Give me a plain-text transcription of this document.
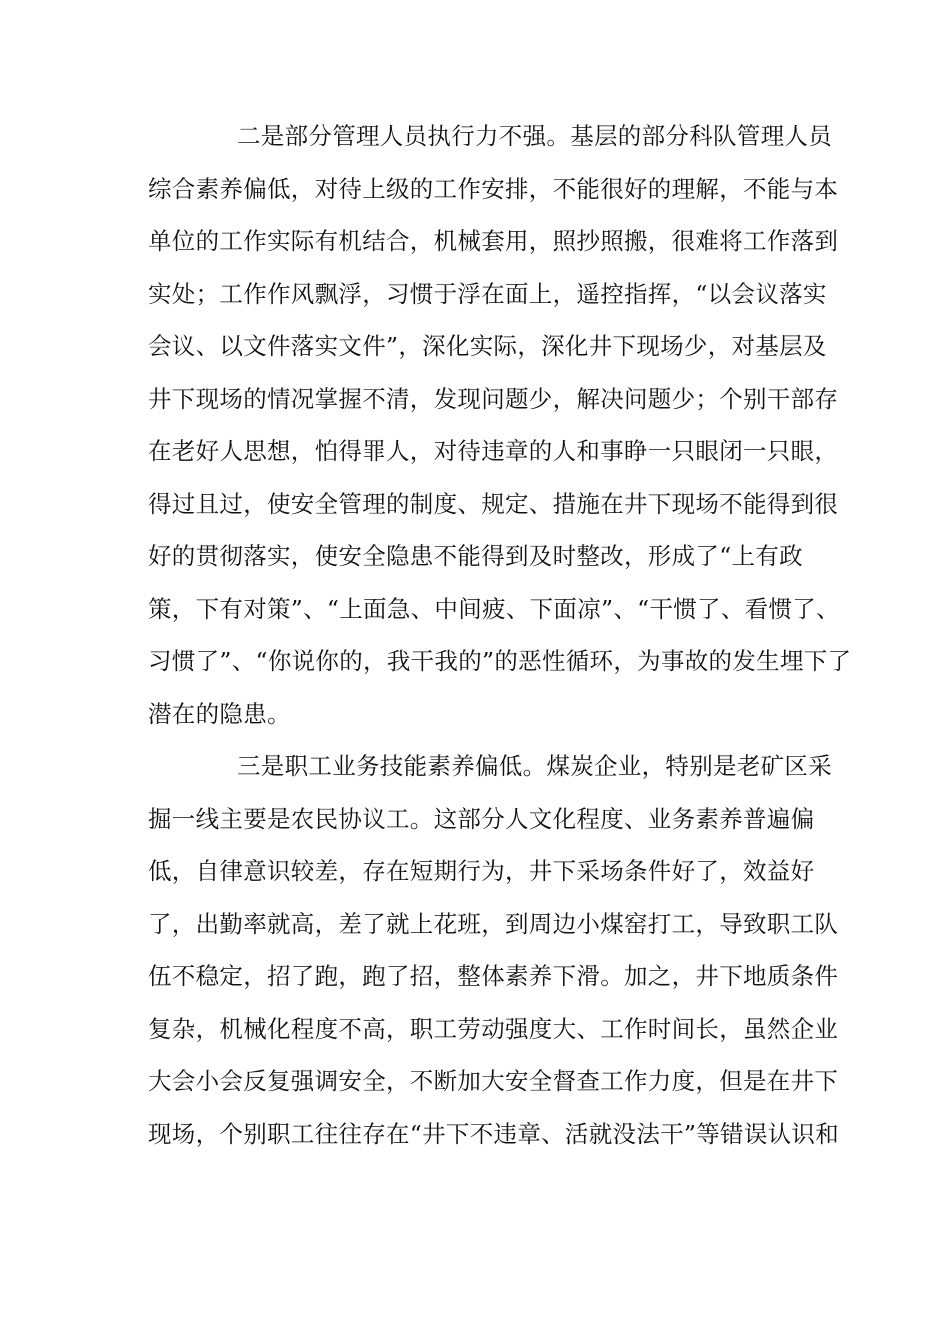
二是部分管理人员执行力不强。基层的部分科队管理人员
综合素养偏低，对待上级的工作安排，不能很好的理解，不能与本
单位的工作实际有机结合，机械套用，照抄照搬，很难将工作落到
实处；工作作风飘浮，习惯于浮在面上，遥控指挥，“以会议落实
会议、以文件落实文件”，深化实际，深化井下现场少，对基层及
井下现场的情况掌握不清，发现问题少，解决问题少；个别干部存
在老好人思想，怕得罪人，对待违章的人和事睁一只眼闭一只眼，
得过且过，使安全管理的制度、规定、措施在井下现场不能得到很
好的贯彻落实，使安全隐患不能得到及时整改，形成了“上有政
策，下有对策”、“上面急、中间疲、下面凉”、“干惯了、看惯了、
习惯了”、“你说你的，我干我的”的恶性循环，为事故的发生埋下了
潜在的隐患。
三是职工业务技能素养偏低。煤炭企业，特别是老矿区采
掘一线主要是农民协议工。这部分人文化程度、业务素养普遍偏
低，自律意识较差，存在短期行为，井下采场条件好了，效益好
了，出勤率就高，差了就上花班，到周边小煤窑打工，导致职工队
伍不稳定，招了跑，跑了招，整体素养下滑。加之，井下地质条件
复杂，机械化程度不高，职工劳动强度大、工作时间长，虽然企业
大会小会反复强调安全，不断加大安全督查工作力度，但是在井下
现场，个别职工往往存在“井下不违章、活就没法干”等错误认识和
